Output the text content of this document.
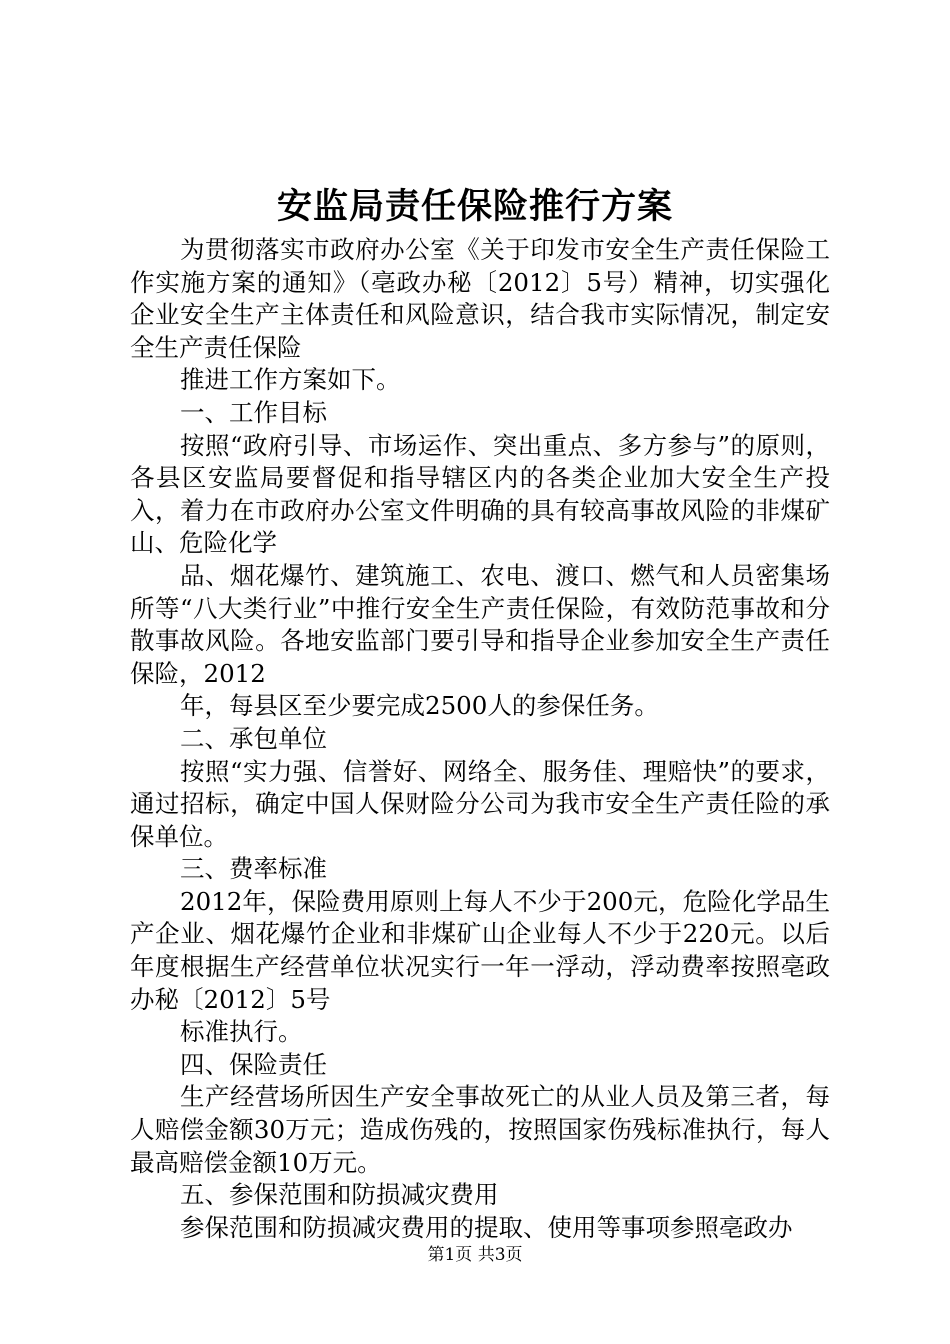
安监局责任保险推行方案

为贯彻落实市政府办公室《关于印发市安全生产责任保险工作实施方案的通知》（亳政办秘〔2012〕5号）精神，切实强化企业安全生产主体责任和风险意识，结合我市实际情况，制定安全生产责任保险

推进工作方案如下。

一、工作目标

按照“政府引导、市场运作、突出重点、多方参与”的原则，各县区安监局要督促和指导辖区内的各类企业加大安全生产投入，着力在市政府办公室文件明确的具有较高事故风险的非煤矿山、危险化学

品、烟花爆竹、建筑施工、农电、渡口、燃气和人员密集场所等“八大类行业”中推行安全生产责任保险，有效防范事故和分散事故风险。各地安监部门要引导和指导企业参加安全生产责任保险，2012

年，每县区至少要完成2500人的参保任务。

二、承包单位

按照“实力强、信誉好、网络全、服务佳、理赔快”的要求，通过招标，确定中国人保财险分公司为我市安全生产责任险的承保单位。

三、费率标准

2012年，保险费用原则上每人不少于200元，危险化学品生产企业、烟花爆竹企业和非煤矿山企业每人不少于220元。以后年度根据生产经营单位状况实行一年一浮动，浮动费率按照亳政办秘〔2012〕5号

标准执行。

四、保险责任

生产经营场所因生产安全事故死亡的从业人员及第三者，每人赔偿金额30万元；造成伤残的，按照国家伤残标准执行，每人最高赔偿金额10万元。

五、参保范围和防损减灾费用

参保范围和防损减灾费用的提取、使用等事项参照亳政办

第1页 共3页
